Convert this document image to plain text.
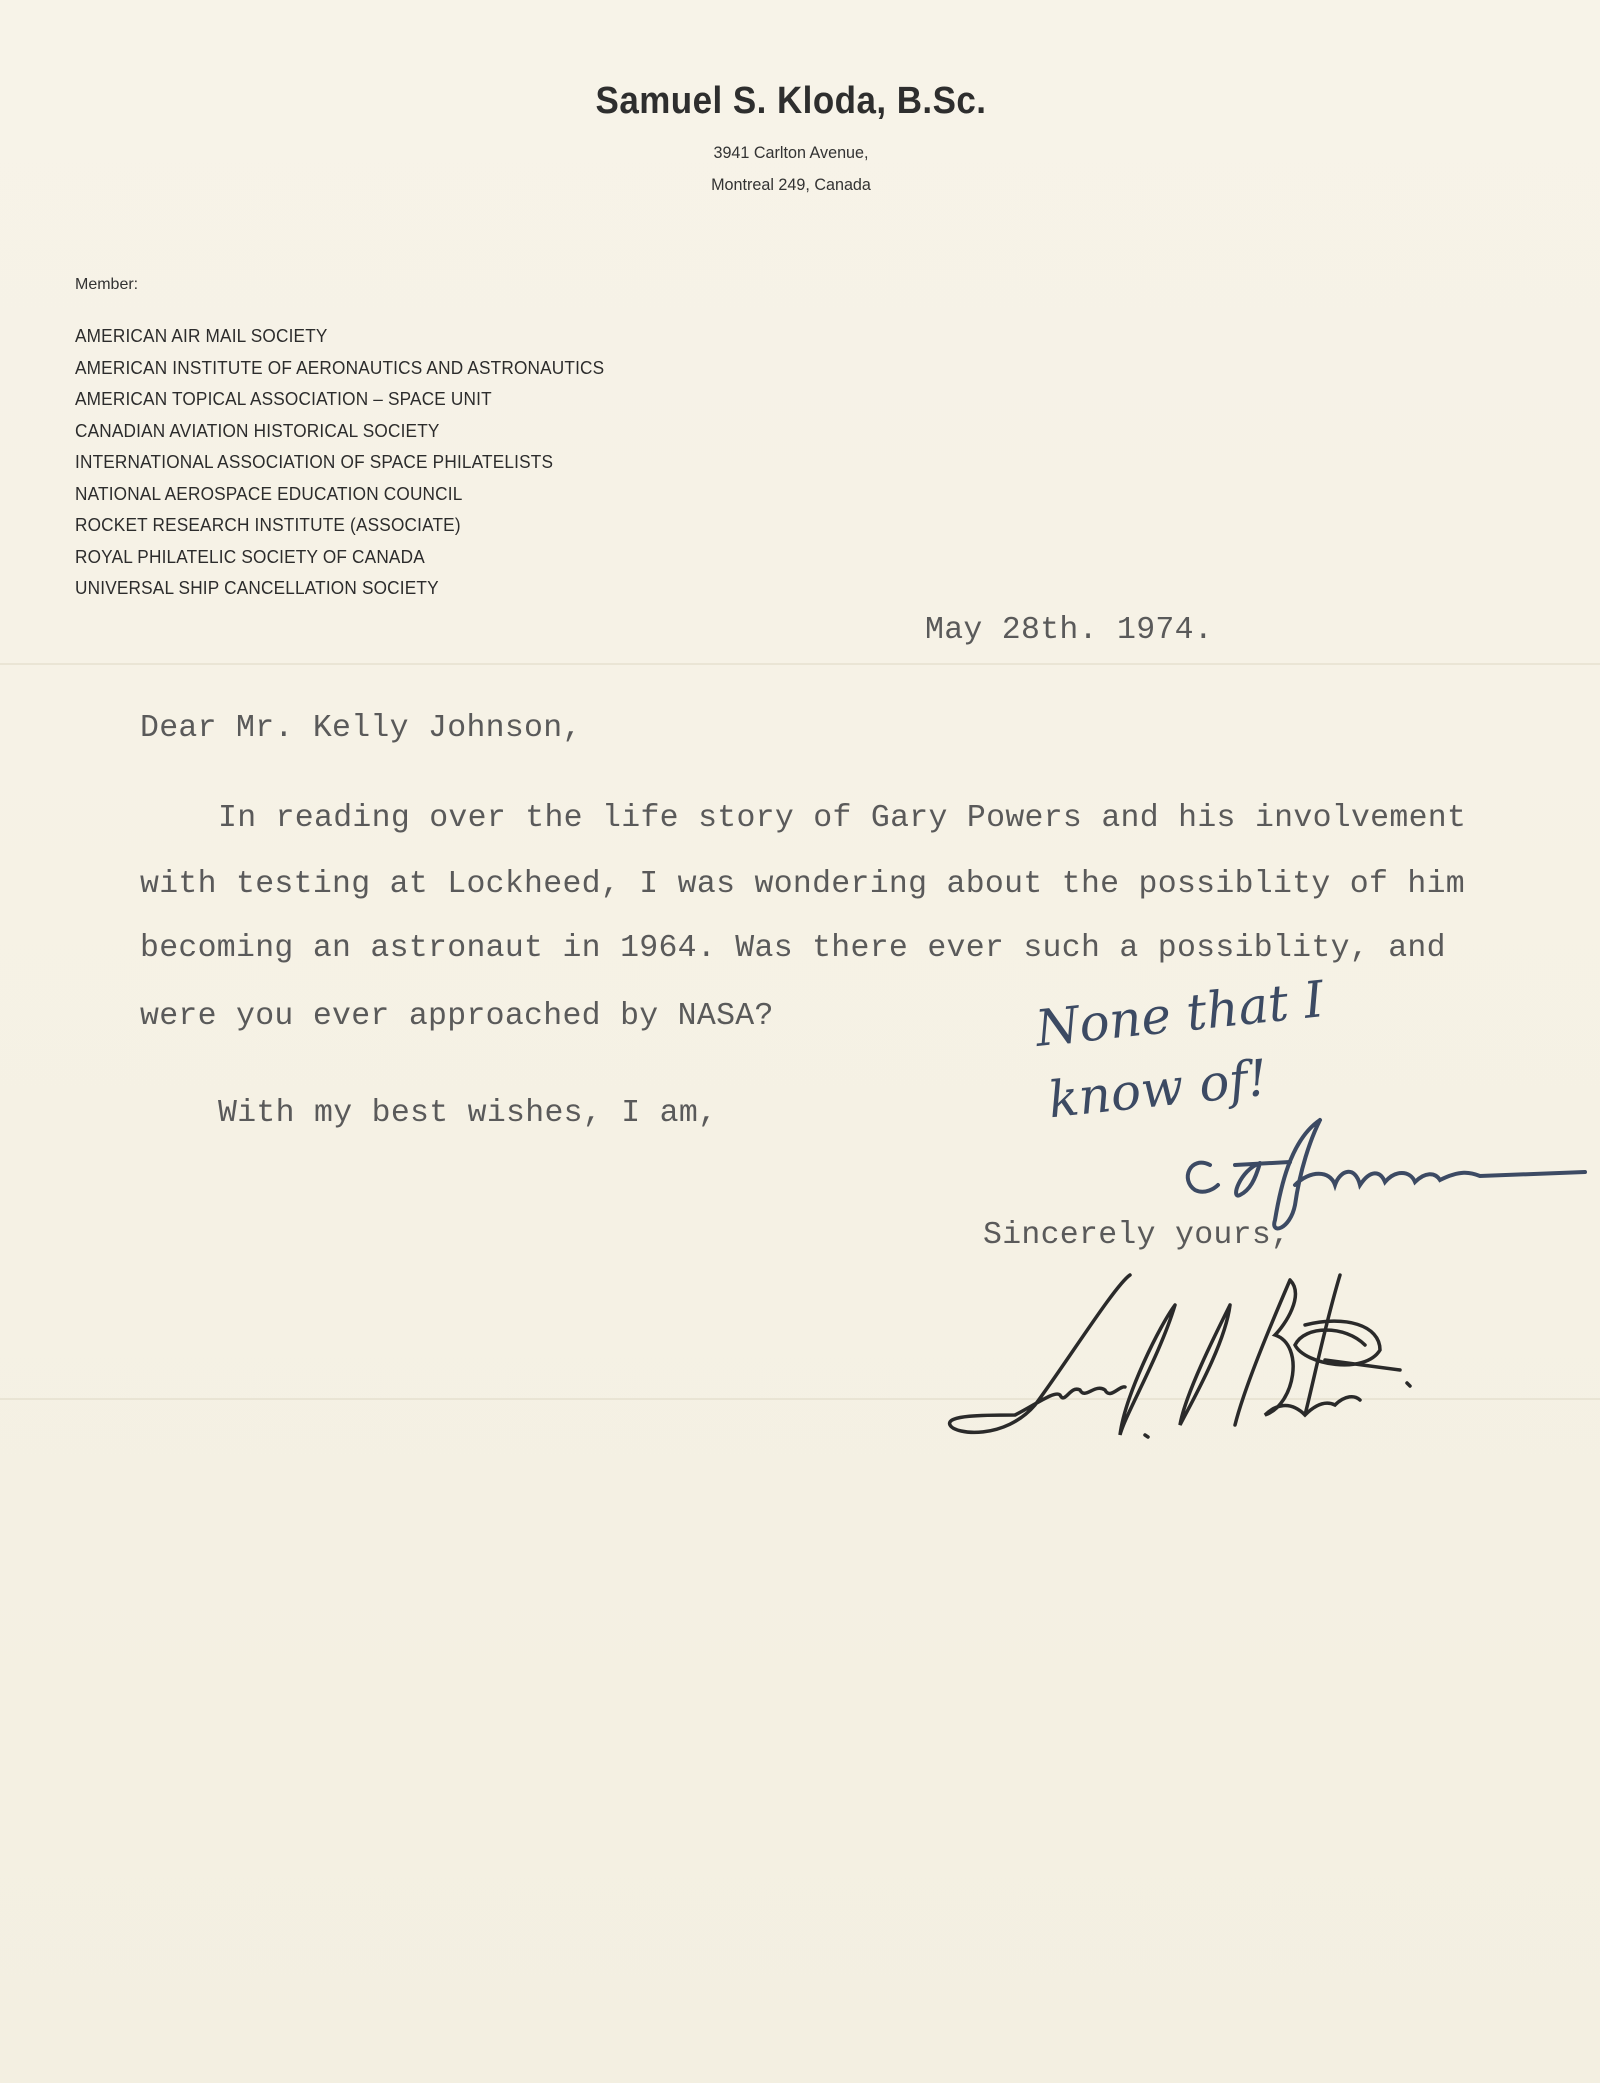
Samuel S. Kloda, B.Sc.
3941 Carlton Avenue,
Montreal 249, Canada
Member:
AMERICAN AIR MAIL SOCIETY
AMERICAN INSTITUTE OF AERONAUTICS AND ASTRONAUTICS
AMERICAN TOPICAL ASSOCIATION – SPACE UNIT
CANADIAN AVIATION HISTORICAL SOCIETY
INTERNATIONAL ASSOCIATION OF SPACE PHILATELISTS
NATIONAL AEROSPACE EDUCATION COUNCIL
ROCKET RESEARCH INSTITUTE (ASSOCIATE)
ROYAL PHILATELIC SOCIETY OF CANADA
UNIVERSAL SHIP CANCELLATION SOCIETY
May 28th. 1974.
Dear Mr. Kelly Johnson,
In reading over the life story of Gary Powers and his involvement
with testing at Lockheed, I was wondering about the possiblity of him
becoming an astronaut in 1964. Was there ever such a possiblity, and
were you ever approached by NASA?
With my best wishes, I am,
Sincerely yours,
None that I
know of!
